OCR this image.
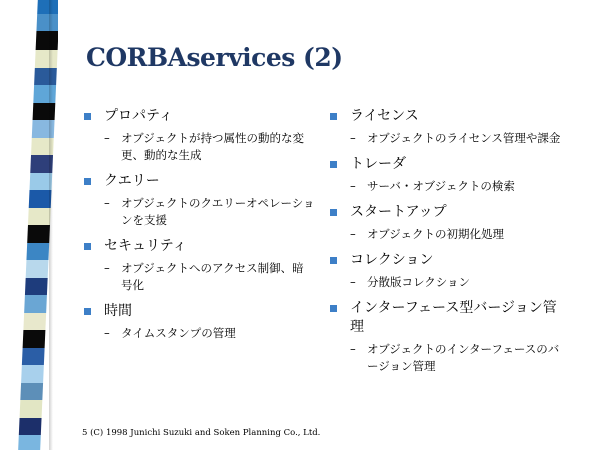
CORBAservices (2)
プロパティ
– オブジェクトが持つ属性の動的な変更、動的な生成
クエリー
– オブジェクトのクエリーオペレーションを支援
セキュリティ
– オブジェクトへのアクセス制御、暗号化
時間
– タイムスタンプの管理
ライセンス
– オブジェクトのライセンス管理や課金
トレーダ
– サーバ・オブジェクトの検索
スタートアップ
– オブジェクトの初期化処理
コレクション
– 分散版コレクション
インターフェース型バージョン管理
– オブジェクトのインターフェースのバージョン管理
5 (C) 1998 Junichi Suzuki and Soken Planning Co., Ltd.
